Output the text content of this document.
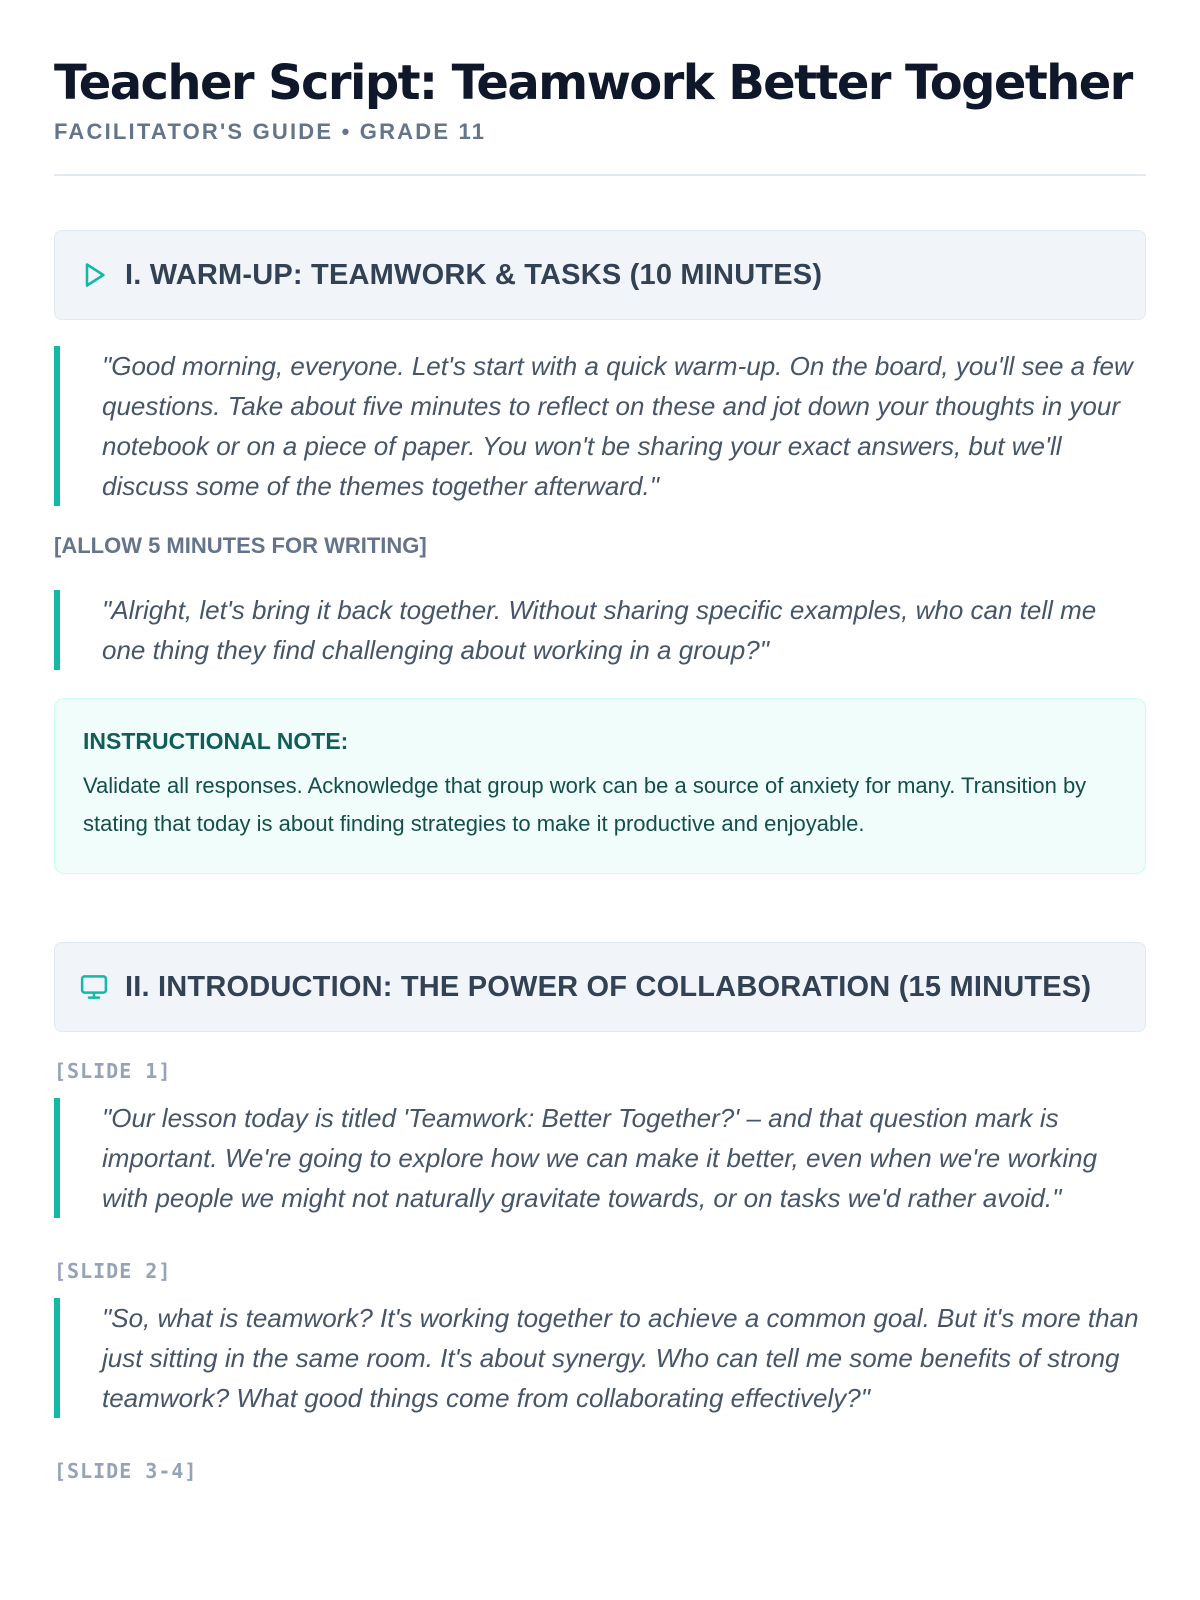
Teacher Script: Teamwork Better Together
FACILITATOR'S GUIDE • GRADE 11
I. WARM-UP: TEAMWORK & TASKS (10 MINUTES)
"Good morning, everyone. Let's start with a quick warm-up. On the board, you'll see a few questions. Take about five minutes to reflect on these and jot down your thoughts in your notebook or on a piece of paper. You won't be sharing your exact answers, but we'll discuss some of the themes together afterward."
[ALLOW 5 MINUTES FOR WRITING]
"Alright, let's bring it back together. Without sharing specific examples, who can tell me one thing they find challenging about working in a group?"
INSTRUCTIONAL NOTE:
Validate all responses. Acknowledge that group work can be a source of anxiety for many. Transition by stating that today is about finding strategies to make it productive and enjoyable.
II. INTRODUCTION: THE POWER OF COLLABORATION (15 MINUTES)
[SLIDE 1]
"Our lesson today is titled 'Teamwork: Better Together?' – and that question mark is important. We're going to explore how we can make it better, even when we're working with people we might not naturally gravitate towards, or on tasks we'd rather avoid."
[SLIDE 2]
"So, what is teamwork? It's working together to achieve a common goal. But it's more than just sitting in the same room. It's about synergy. Who can tell me some benefits of strong teamwork? What good things come from collaborating effectively?"
[SLIDE 3-4]
